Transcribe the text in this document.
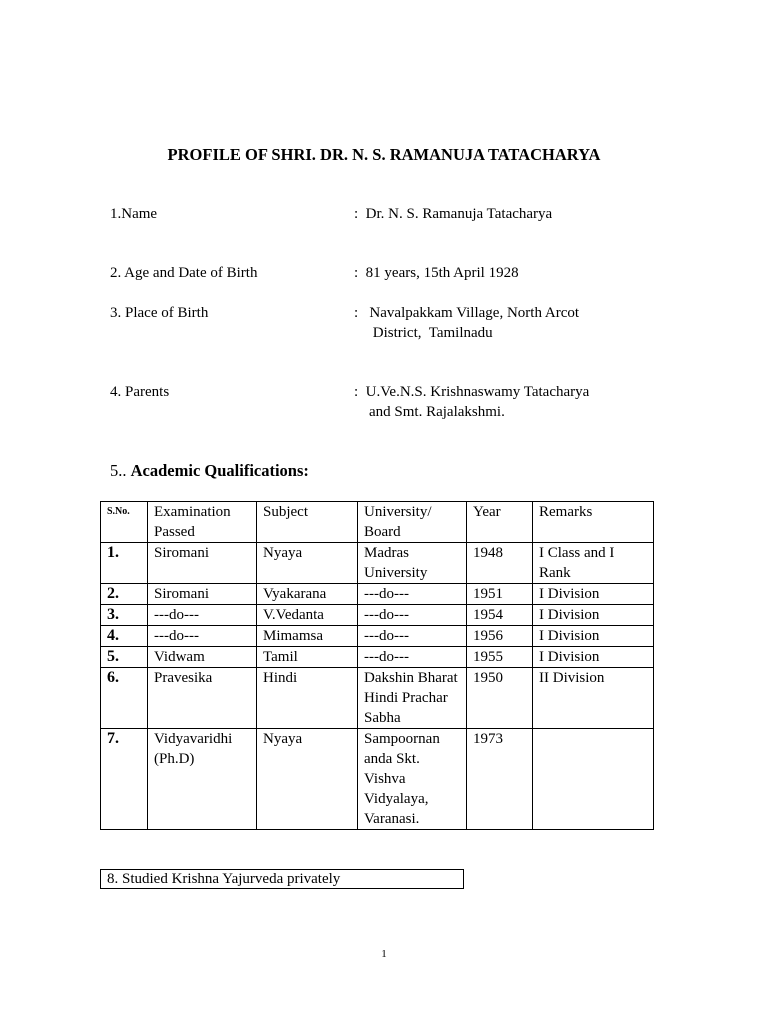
PROFILE OF SHRI. DR. N. S. RAMANUJA TATACHARYA
1.Name	:  Dr. N. S. Ramanuja Tatacharya
2. Age and Date of Birth	:  81 years, 15th April 1928
3. Place of Birth	:   Navalpakkam Village, North Arcot
District,  Tamilnadu
4. Parents	:  U.Ve.N.S. Krishnaswamy Tatacharya
and Smt. Rajalakshmi.
5.. Academic Qualifications:
S.No.	Examination Passed	Subject	University/ Board	Year	Remarks
1.	Siromani	Nyaya	Madras University	1948	I Class and I Rank
2.	Siromani	Vyakarana	---do---	1951	I Division
3.	---do---	V.Vedanta	---do---	1954	I Division
4.	---do---	Mimamsa	---do---	1956	I Division
5.	Vidwam	Tamil	---do---	1955	I Division
6.	Pravesika	Hindi	Dakshin Bharat Hindi Prachar Sabha	1950	II Division
7.	Vidyavaridhi (Ph.D)	Nyaya	Sampoornan anda Skt. Vishva Vidyalaya, Varanasi.	1973	
8. Studied Krishna Yajurveda privately
1
